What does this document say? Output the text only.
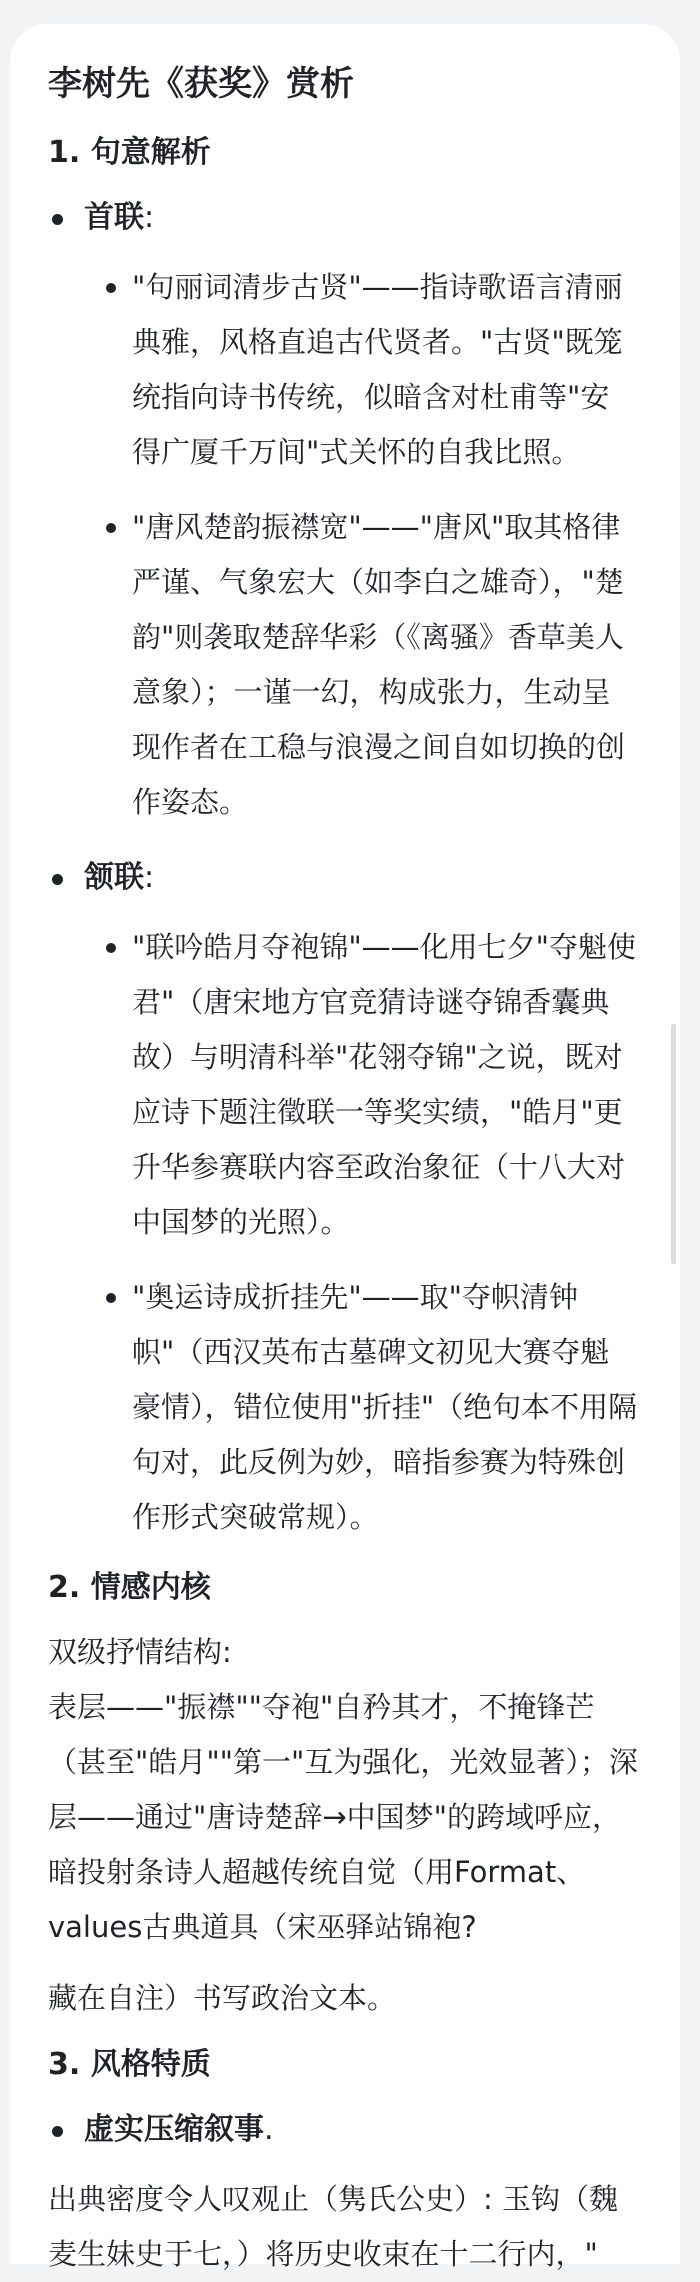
李树先《获奖》赏析
1. 句意解析
首联:
"句丽词清步古贤"——指诗歌语言清丽典雅，风格直追古代贤者。"古贤"既笼统指向诗书传统，似暗含对杜甫等"安得广厦千万间"式关怀的自我比照。
"唐风楚韵振襟宽"——"唐风"取其格律严谨、气象宏大（如李白之雄奇），"楚韵"则袭取楚辞华彩（《离骚》香草美人意象）；一谨一幻，构成张力，生动呈现作者在工稳与浪漫之间自如切换的创作姿态。
颔联:
"联吟皓月夺袍锦"——化用七夕"夺魁使君"（唐宋地方官竞猜诗谜夺锦香囊典故）与明清科举"花翎夺锦"之说，既对应诗下题注徵联一等奖实绩，"皓月"更升华参赛联内容至政治象征（十八大对中国梦的光照）。
"奥运诗成折挂先"——取"夺帜清钟帜"（西汉英布古墓碑文初见大赛夺魁豪情），错位使用"折挂"（绝句本不用隔句对，此反例为妙，暗指参赛为特殊创作形式突破常规）。
2. 情感内核
双级抒情结构:
表层——"振襟""夺袍"自矜其才，不掩锋芒（甚至"皓月""第一"互为强化，光效显著）；深层——通过"唐诗楚辞→中国梦"的跨域呼应，暗投射条诗人超越传统自觉（用Format、values古典道具（宋巫驿站锦袍?
藏在自注）书写政治文本。
3. 风格特质
虚实压缩叙事.
出典密度令人叹观止（隽氏公史）: 玉钩（魏麦生妹史于七，）将历史收束在十二行内，"
